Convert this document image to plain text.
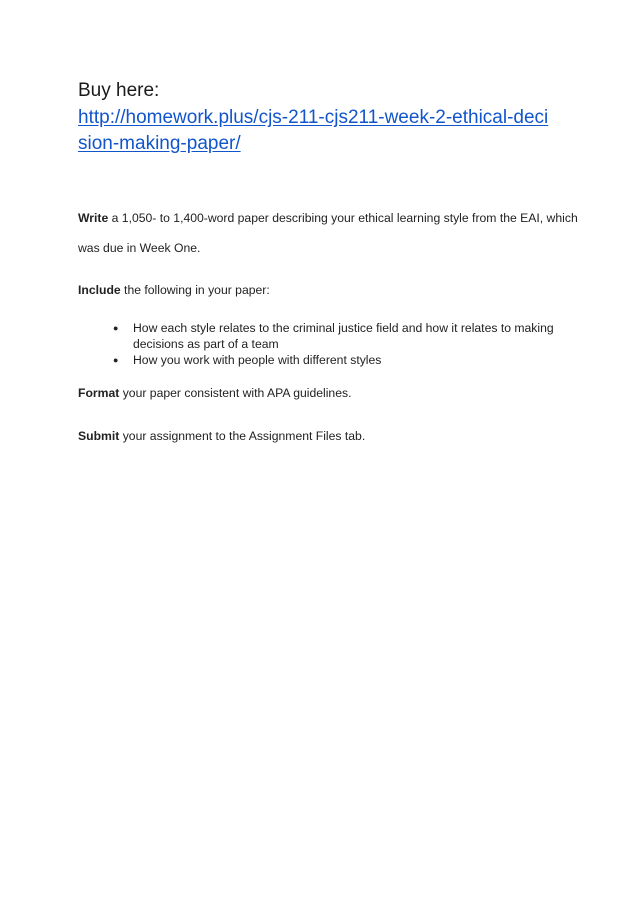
Buy here:
http://homework.plus/cjs-211-cjs211-week-2-ethical-deci
sion-making-paper/
Write a 1,050- to 1,400-word paper describing your ethical learning style from the EAI, which
was due in Week One.
Include the following in your paper:
● How each style relates to the criminal justice field and how it relates to making
decisions as part of a team
● How you work with people with different styles
Format your paper consistent with APA guidelines.
Submit your assignment to the Assignment Files tab.
